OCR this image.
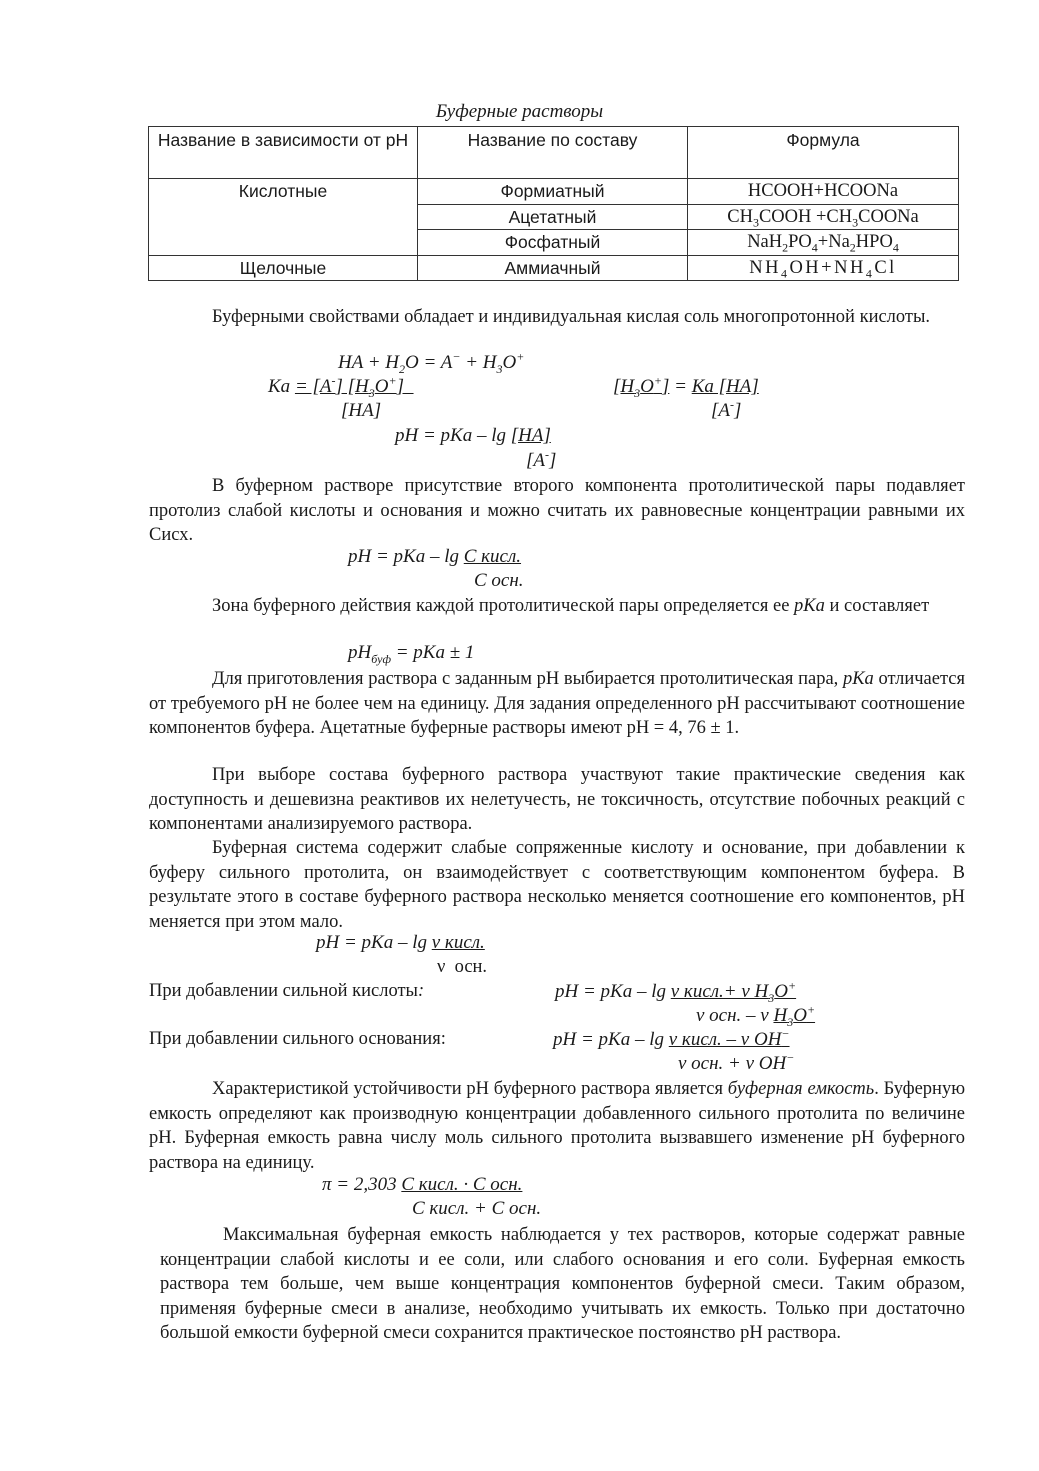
Буферные растворы
Название в зависимости от pH	Название по составу	Формула
Кислотные	Формиатный	HCOOH+HCOONa
	Ацетатный	$CH_3COOH$ $+CH_3COONa$
	Фосфатный	$NaH_2PO_4+Na_2HPO_4$
Щелочные	Аммиачный	$NH_4OH+NH_4Cl$
Буферными свойствами обладает и индивидуальная кислая соль многопротонной кислоты.
HA + $H_2O = A^- + H_3O^+$
Ka = [A-] $[H_3O^+]$
[HA]
$[H_3O^+] = Ka$ [HA]
[A-]
pH = pKa – lg [HA]
[A-]
В буферном растворе присутствие второго компонента протолитической пары подавляет протолиз слабой кислоты и основания и можно считать их равновесные концентрации равными их Сисх.
pH = pKa – lg C кисл.
C осн.
Зона буферного действия каждой протолитической пары определяется ее pKa и составляет
$pH_{буф}$ = pKa ± 1
Для приготовления раствора с заданным pH выбирается протолитическая пара, pKa отличается от требуемого pH не более чем на единицу. Для задания определенного pH рассчитывают соотношение компонентов буфера. Ацетатные буферные растворы имеют pH = 4, 76 ± 1.
При выборе состава буферного раствора участвуют такие практические сведения как доступность и дешевизна реактивов их нелетучесть, не токсичность, отсутствие побочных реакций с компонентами анализируемого раствора.
Буферная система содержит слабые сопряженные кислоту и основание, при добавлении к буферу сильного протолита, он взаимодействует с соответствующим компонентом буфера. В результате этого в составе буферного раствора несколько меняется соотношение его компонентов, pH меняется при этом мало.
pH = pKa – lg ν кисл.
ν  осн.
При добавлении сильной кислоты:	pH = pKa – lg ν кисл.+ ν $H_3O^+$
ν осн. – ν $H_3O^+$
При добавлении сильного основания:	pH = pKa – lg ν кисл. – ν OH−
ν осн. + ν OH−
Характеристикой устойчивости pH буферного раствора является буферная емкость. Буферную емкость определяют как производную концентрации добавленного сильного протолита по величине pH. Буферная емкость равна числу моль сильного протолита вызвавшего изменение pH буферного раствора на единицу.
π = 2,303 C кисл. · C осн.
C кисл. + C осн.
Максимальная буферная емкость наблюдается у тех растворов, которые содержат равные концентрации слабой кислоты и ее соли, или слабого основания и его соли. Буферная емкость раствора тем больше, чем выше концентрация компонентов буферной смеси. Таким образом, применяя буферные смеси в анализе, необходимо учитывать их емкость. Только при достаточно большой емкости буферной смеси сохранится практическое постоянство pH раствора.
